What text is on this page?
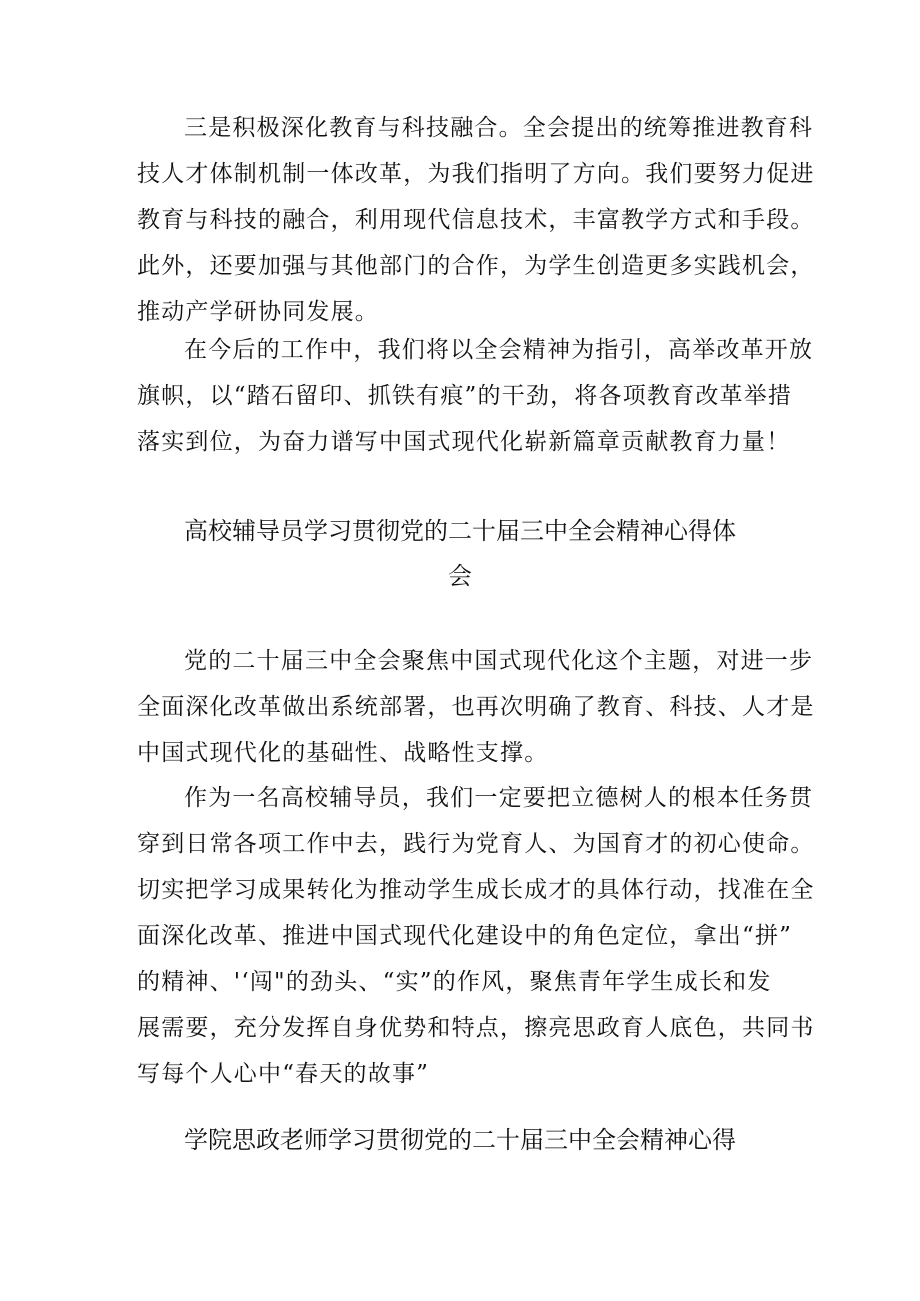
三是积极深化教育与科技融合。全会提出的统筹推进教育科
技人才体制机制一体改革，为我们指明了方向。我们要努力促进
教育与科技的融合，利用现代信息技术，丰富教学方式和手段。
此外，还要加强与其他部门的合作，为学生创造更多实践机会，
推动产学研协同发展。
在今后的工作中，我们将以全会精神为指引，高举改革开放
旗帜，以“踏石留印、抓铁有痕”的干劲，将各项教育改革举措
落实到位，为奋力谱写中国式现代化崭新篇章贡献教育力量！
高校辅导员学习贯彻党的二十届三中全会精神心得体
会
党的二十届三中全会聚焦中国式现代化这个主题，对进一步
全面深化改革做出系统部署，也再次明确了教育、科技、人才是
中国式现代化的基础性、战略性支撑。
作为一名高校辅导员，我们一定要把立德树人的根本任务贯
穿到日常各项工作中去，践行为党育人、为国育才的初心使命。
切实把学习成果转化为推动学生成长成才的具体行动，找准在全
面深化改革、推进中国式现代化建设中的角色定位，拿出“拼”
的精神、'‘闯"的劲头、“实”的作风，聚焦青年学生成长和发
展需要，充分发挥自身优势和特点，擦亮思政育人底色，共同书
写每个人心中“春天的故事”
学院思政老师学习贯彻党的二十届三中全会精神心得
